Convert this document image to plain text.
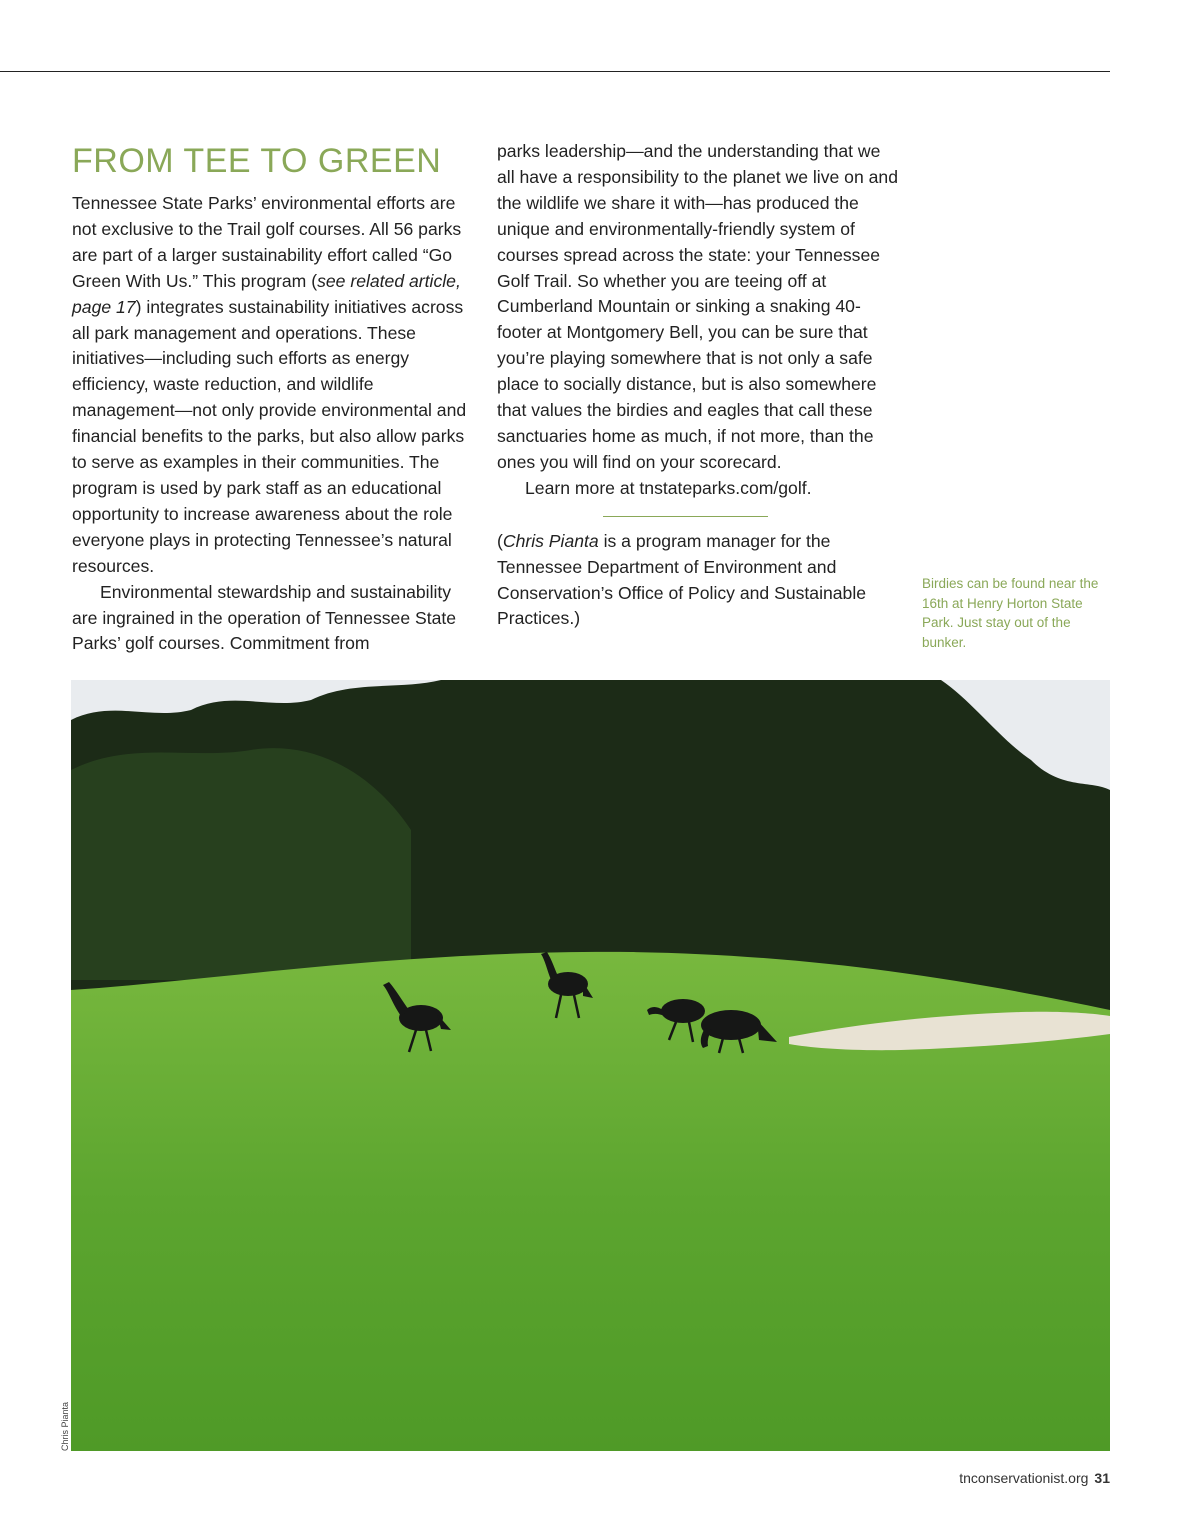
FROM TEE TO GREEN

Tennessee State Parks’ environmental efforts are not exclusive to the Trail golf courses. All 56 parks are part of a larger sustainability effort called “Go Green With Us.” This program (see related article, page 17) integrates sustainability initiatives across all park management and operations. These initiatives—including such efforts as energy efficiency, waste reduction, and wildlife management—not only provide environmental and financial benefits to the parks, but also allow parks to serve as examples in their communities. The program is used by park staff as an educational opportunity to increase awareness about the role everyone plays in protecting Tennessee’s natural resources.

Environmental stewardship and sustainability are ingrained in the operation of Tennessee State Parks’ golf courses. Commitment from

parks leadership—and the understanding that we all have a responsibility to the planet we live on and the wildlife we share it with—has produced the unique and environmentally-friendly system of courses spread across the state: your Tennessee Golf Trail. So whether you are teeing off at Cumberland Mountain or sinking a snaking 40-footer at Montgomery Bell, you can be sure that you’re playing somewhere that is not only a safe place to socially distance, but is also somewhere that values the birdies and eagles that call these sanctuaries home as much, if not more, than the ones you will find on your scorecard.

Learn more at tnstateparks.com/golf.

(Chris Pianta is a program manager for the Tennessee Department of Environment and Conservation’s Office of Policy and Sustainable Practices.)

Birdies can be found near the 16th at Henry Horton State Park. Just stay out of the bunker.
Chris Pianta
tnconservationist.org 31
